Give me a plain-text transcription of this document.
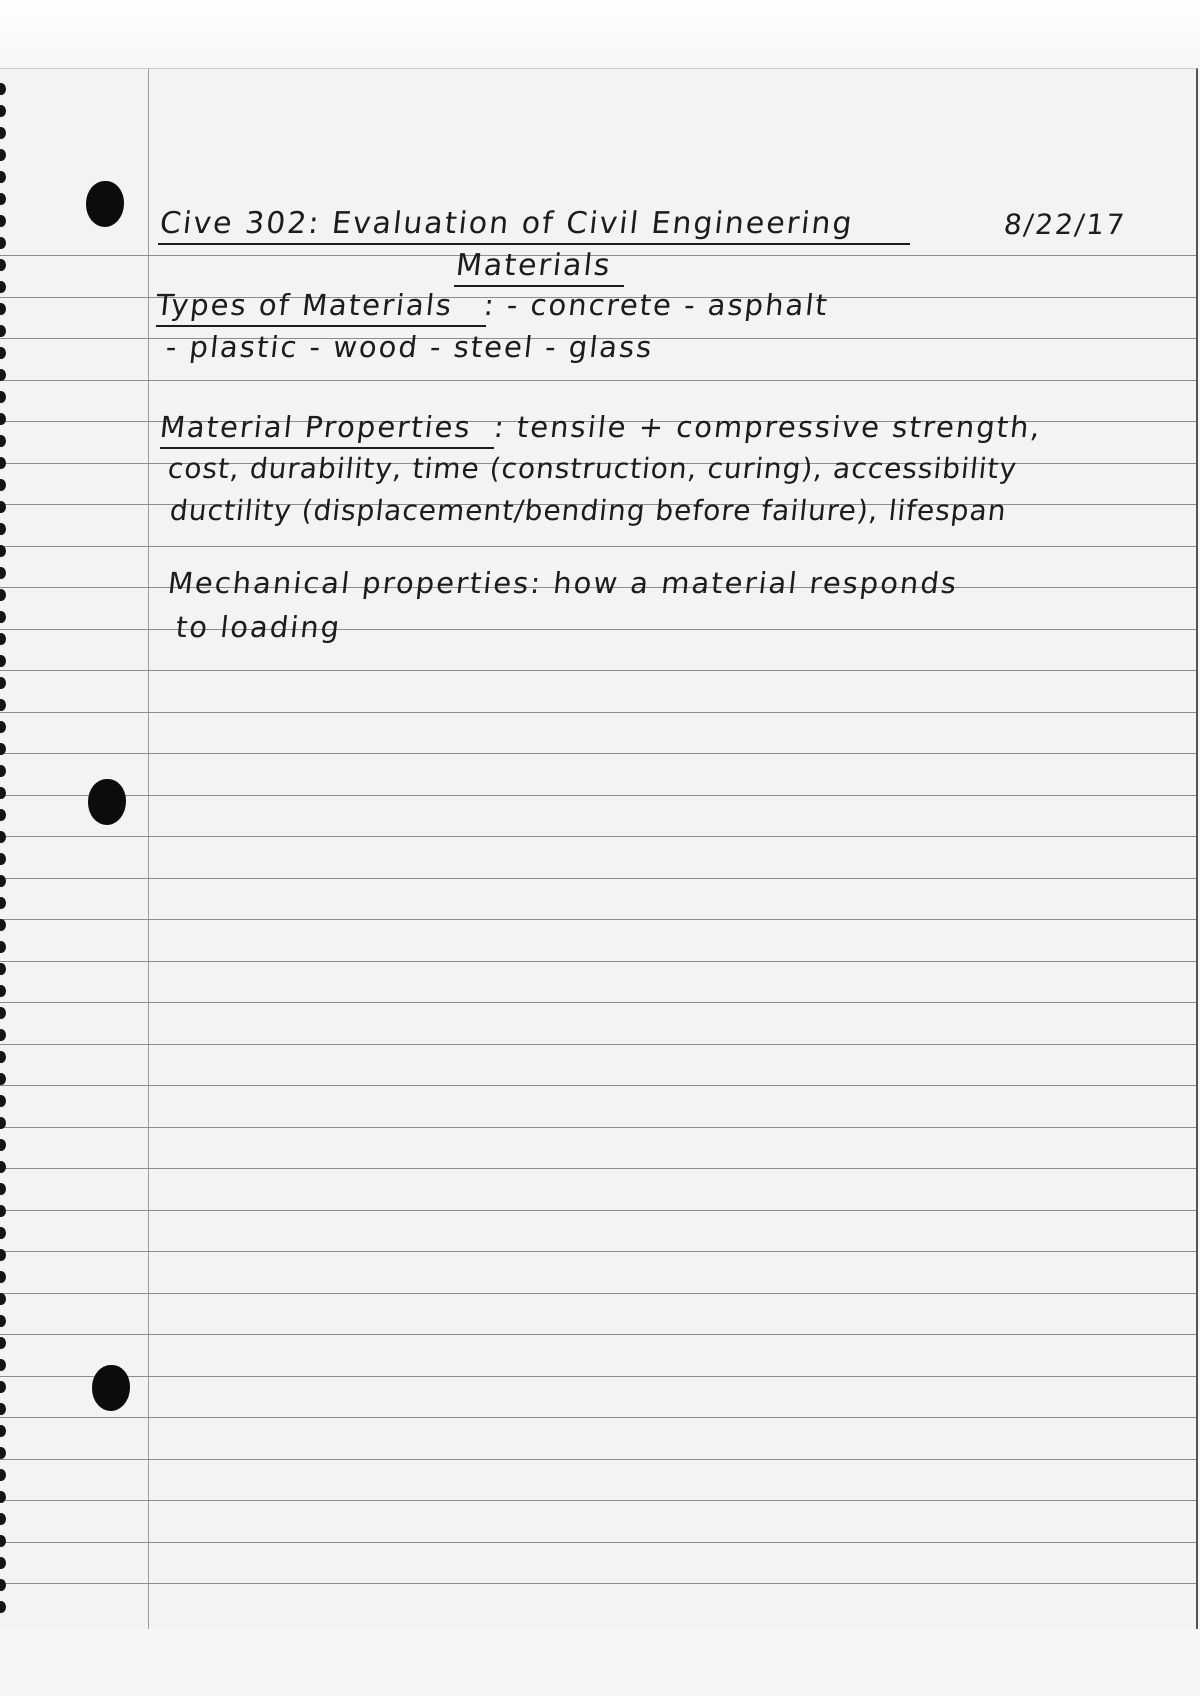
Cive 302: Evaluation of Civil Engineering	8/22/17
Materials
Types of Materials : - concrete - asphalt
- plastic - wood - steel - glass
Material Properties : tensile + compressive strength,
cost, durability, time (construction, curing), accessibility
ductility (displacement/bending before failure), lifespan
Mechanical properties: how a material responds
to loading
